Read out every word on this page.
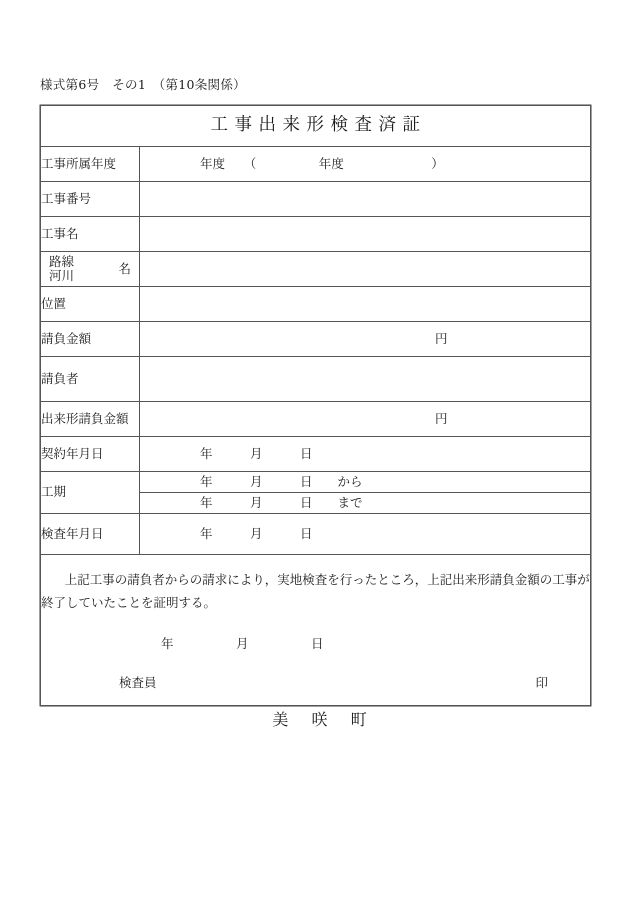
様式第6号　その1　（第10条関係）
工事出来形検査済証	

工事所属年度	年度　　（　　　　　年度　　　　　　　）

工事番号	

工事名	

路線
河川 名	

位置	

請負金額	円

請負者	

出来形請負金額	円

契約年月日	年　　　月　　　日

工期	年　　　月　　　日　　から

	年　　　月　　　日　　まで

検査年月日	年　　　月　　　日

上記工事の請負者からの請求により，実地検査を行ったところ，上記出来形請負金額の工事が終了していたことを証明する。

年　　　　　月　　　　　日
検査員 印	
美 咲 町
